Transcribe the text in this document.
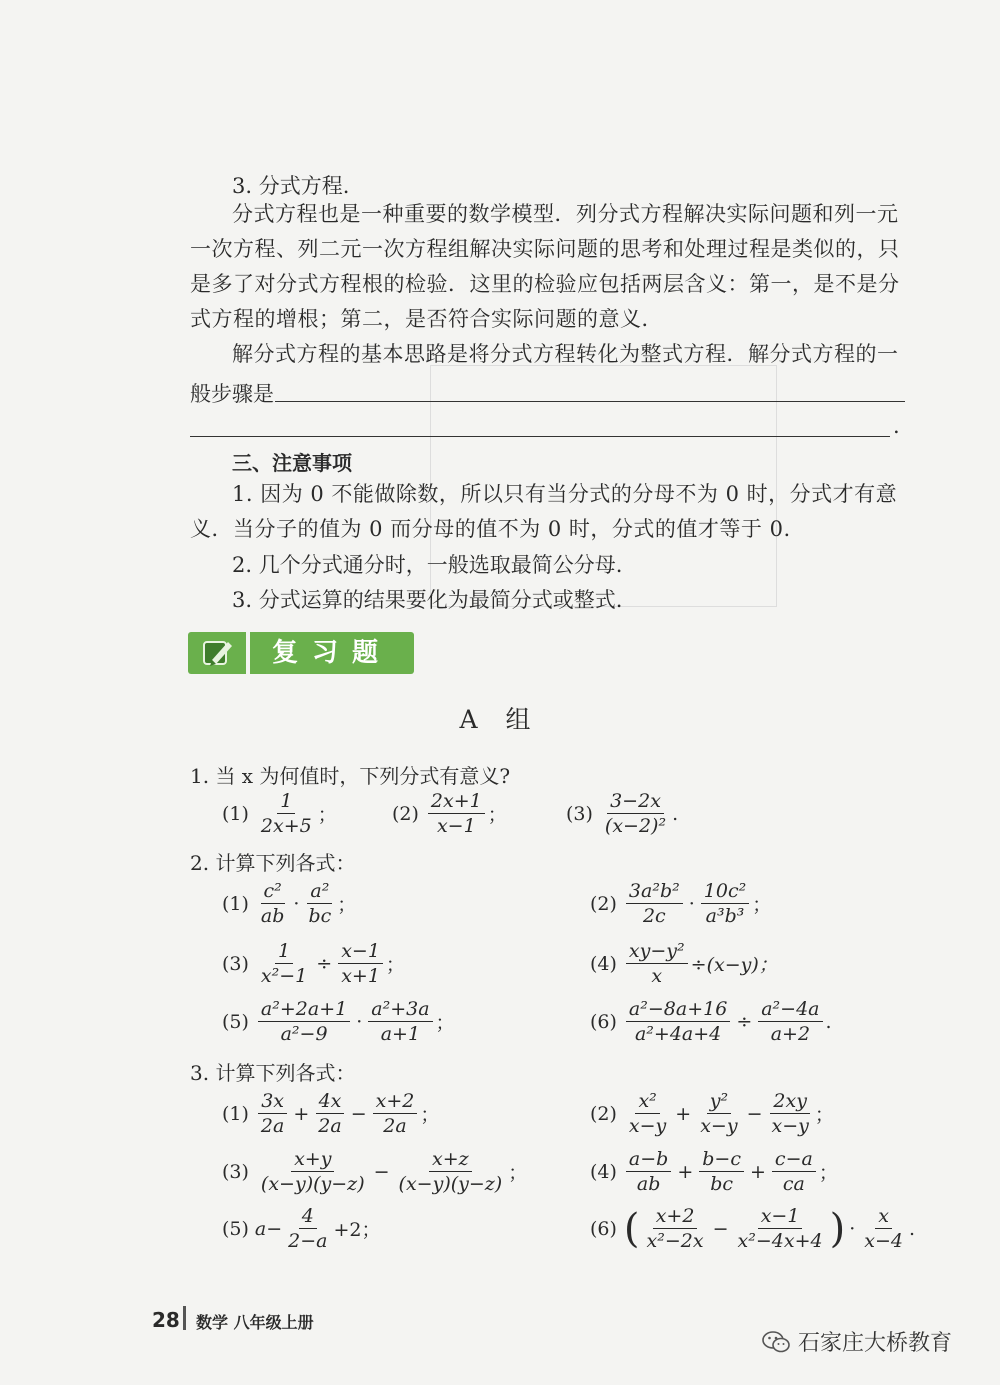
3. 分式方程.

分式方程也是一种重要的数学模型．列分式方程解决实际问题和列一元一次方程、列二元一次方程组解决实际问题的思考和处理过程是类似的，只是多了对分式方程根的检验．这里的检验应包括两层含义：第一，是不是分式方程的增根；第二，是否符合实际问题的意义．

解分式方程的基本思路是将分式方程转化为整式方程．解分式方程的一

般步骤是
.
三、注意事项

1. 因为 0 不能做除数，所以只有当分式的分母不为 0 时，分式才有意义．当分子的值为 0 而分母的值不为 0 时，分式的值才等于 0.

2. 几个分式通分时，一般选取最简公分母.
3. 分式运算的结果要化为最简分式或整式.
复习题
A 组
1. 当 x 为何值时，下列分式有意义?
$(1) \frac{1}{2x+5}$ ；	$(2) \frac{2x+1}{x-1}$ ；	$(3) \frac{3-2x}{\text{(x−2)²}}$ .
2. 计算下列各式：
$(1) \frac{\text{c²}}{ab} \cdot \frac{\text{a²}}{bc}$ ；	$(2) \frac{\text{3a²b²}}{2c} \cdot \frac{\text{10c²}}{\text{a³b³}}$ ；
$(3) \frac{1}{\text{x²−1}} \div \frac{x-1}{x+1}$ ；	$(4) \frac{\text{xy−y²}}{x} \div(x-y)$；
$(5) \frac{\text{a²+2a+1}}{\text{a²−9}} \cdot \frac{\text{a²+3a}}{a+1}$ ；	$(6) \frac{\text{a²−8a+16}}{\text{a²+4a+4}} \div \frac{\text{a²−4a}}{a+2}$ .
3. 计算下列各式：
$(1) \frac{3x}{2a} + \frac{4x}{2a} - \frac{x+2}{2a}$ ；	$(2) \frac{\text{x²}}{x-y} + \frac{\text{y²}}{x-y} - \frac{2xy}{x-y}$ ；
$(3) \frac{x+y}{(x-y)(y-z)} - \frac{x+z}{(x-y)(y-z)}$ ；	$(4) \frac{a-b}{ab} + \frac{b-c}{bc} + \frac{c-a}{ca}$ ；
(5) $a- \frac{4}{2-a} +2$；	(6) ( $\frac{x+2}{\text{x²−2x}} - \frac{x-1}{\text{x²−4x+4}}$ ) · $\frac{x}{x-4}$ .
28 数学 八年级上册
石家庄大桥教育
